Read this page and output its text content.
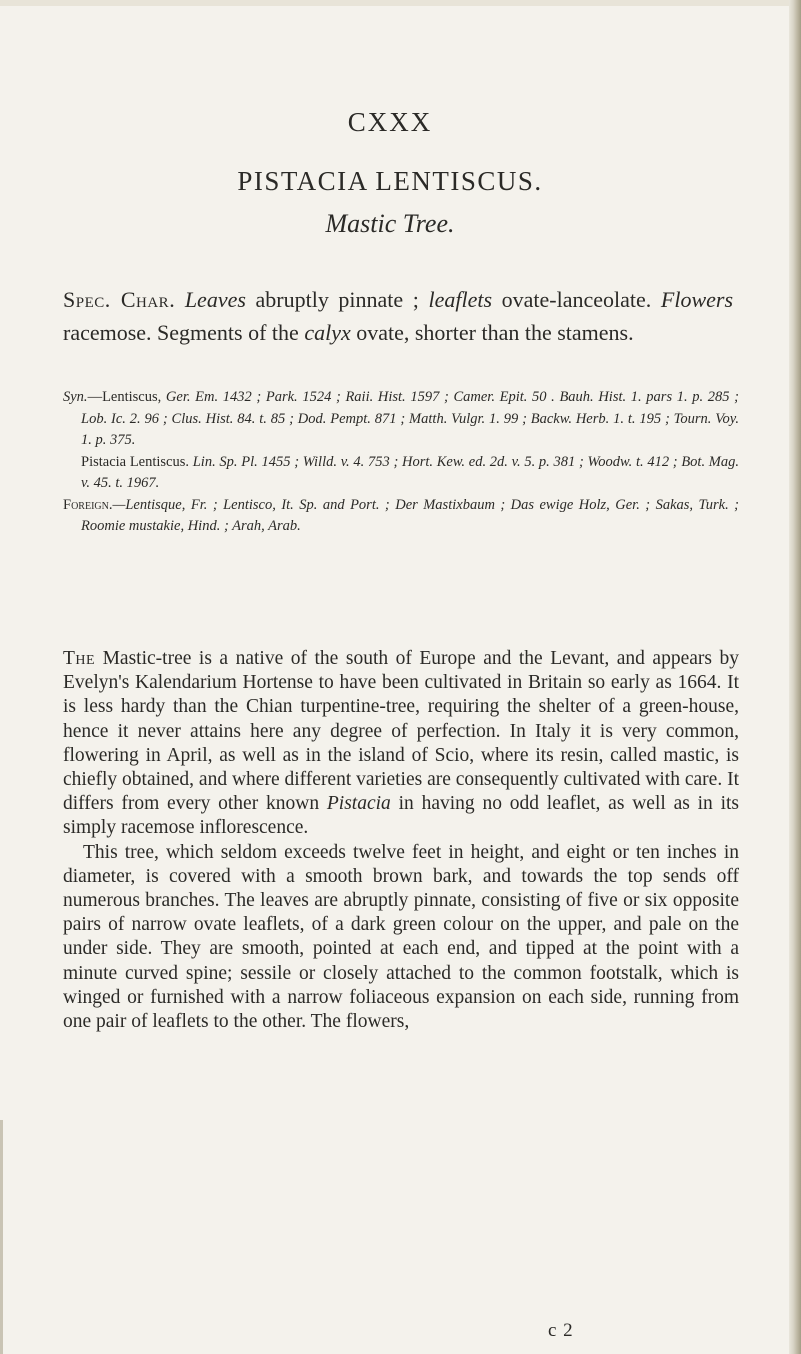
CXXX
PISTACIA LENTISCUS.
Mastic Tree.
Spec. Char. Leaves abruptly pinnate ; leaflets ovate-lanceolate. Flowers racemose. Segments of the calyx ovate, shorter than the stamens.

Syn.—Lentiscus, Ger. Em. 1432 ; Park. 1524 ; Raii. Hist. 1597 ; Camer. Epit. 50 . Bauh. Hist. 1. pars 1. p. 285 ; Lob. Ic. 2. 96 ; Clus. Hist. 84. t. 85 ; Dod. Pempt. 871 ; Matth. Vulgr. 1. 99 ; Backw. Herb. 1. t. 195 ; Tourn. Voy. 1. p. 375.

Pistacia Lentiscus. Lin. Sp. Pl. 1455 ; Willd. v. 4. 753 ; Hort. Kew. ed. 2d. v. 5. p. 381 ; Woodw. t. 412 ; Bot. Mag. v. 45. t. 1967.

Foreign.—Lentisque, Fr. ; Lentisco, It. Sp. and Port. ; Der Mastixbaum ; Das ewige Holz, Ger. ; Sakas, Turk. ; Roomie mustakie, Hind. ; Arah, Arab.

The Mastic-tree is a native of the south of Europe and the Levant, and appears by Evelyn's Kalendarium Hortense to have been cultivated in Britain so early as 1664. It is less hardy than the Chian turpentine-tree, requiring the shelter of a green-house, hence it never attains here any degree of perfection. In Italy it is very common, flowering in April, as well as in the island of Scio, where its resin, called mastic, is chiefly obtained, and where different varieties are consequently cultivated with care. It differs from every other known Pistacia in having no odd leaflet, as well as in its simply racemose inflorescence.

This tree, which seldom exceeds twelve feet in height, and eight or ten inches in diameter, is covered with a smooth brown bark, and towards the top sends off numerous branches. The leaves are abruptly pinnate, consisting of five or six opposite pairs of narrow ovate leaflets, of a dark green colour on the upper, and pale on the under side. They are smooth, pointed at each end, and tipped at the point with a minute curved spine; sessile or closely attached to the common footstalk, which is winged or furnished with a narrow foliaceous expansion on each side, running from one pair of leaflets to the other. The flowers,

c 2
